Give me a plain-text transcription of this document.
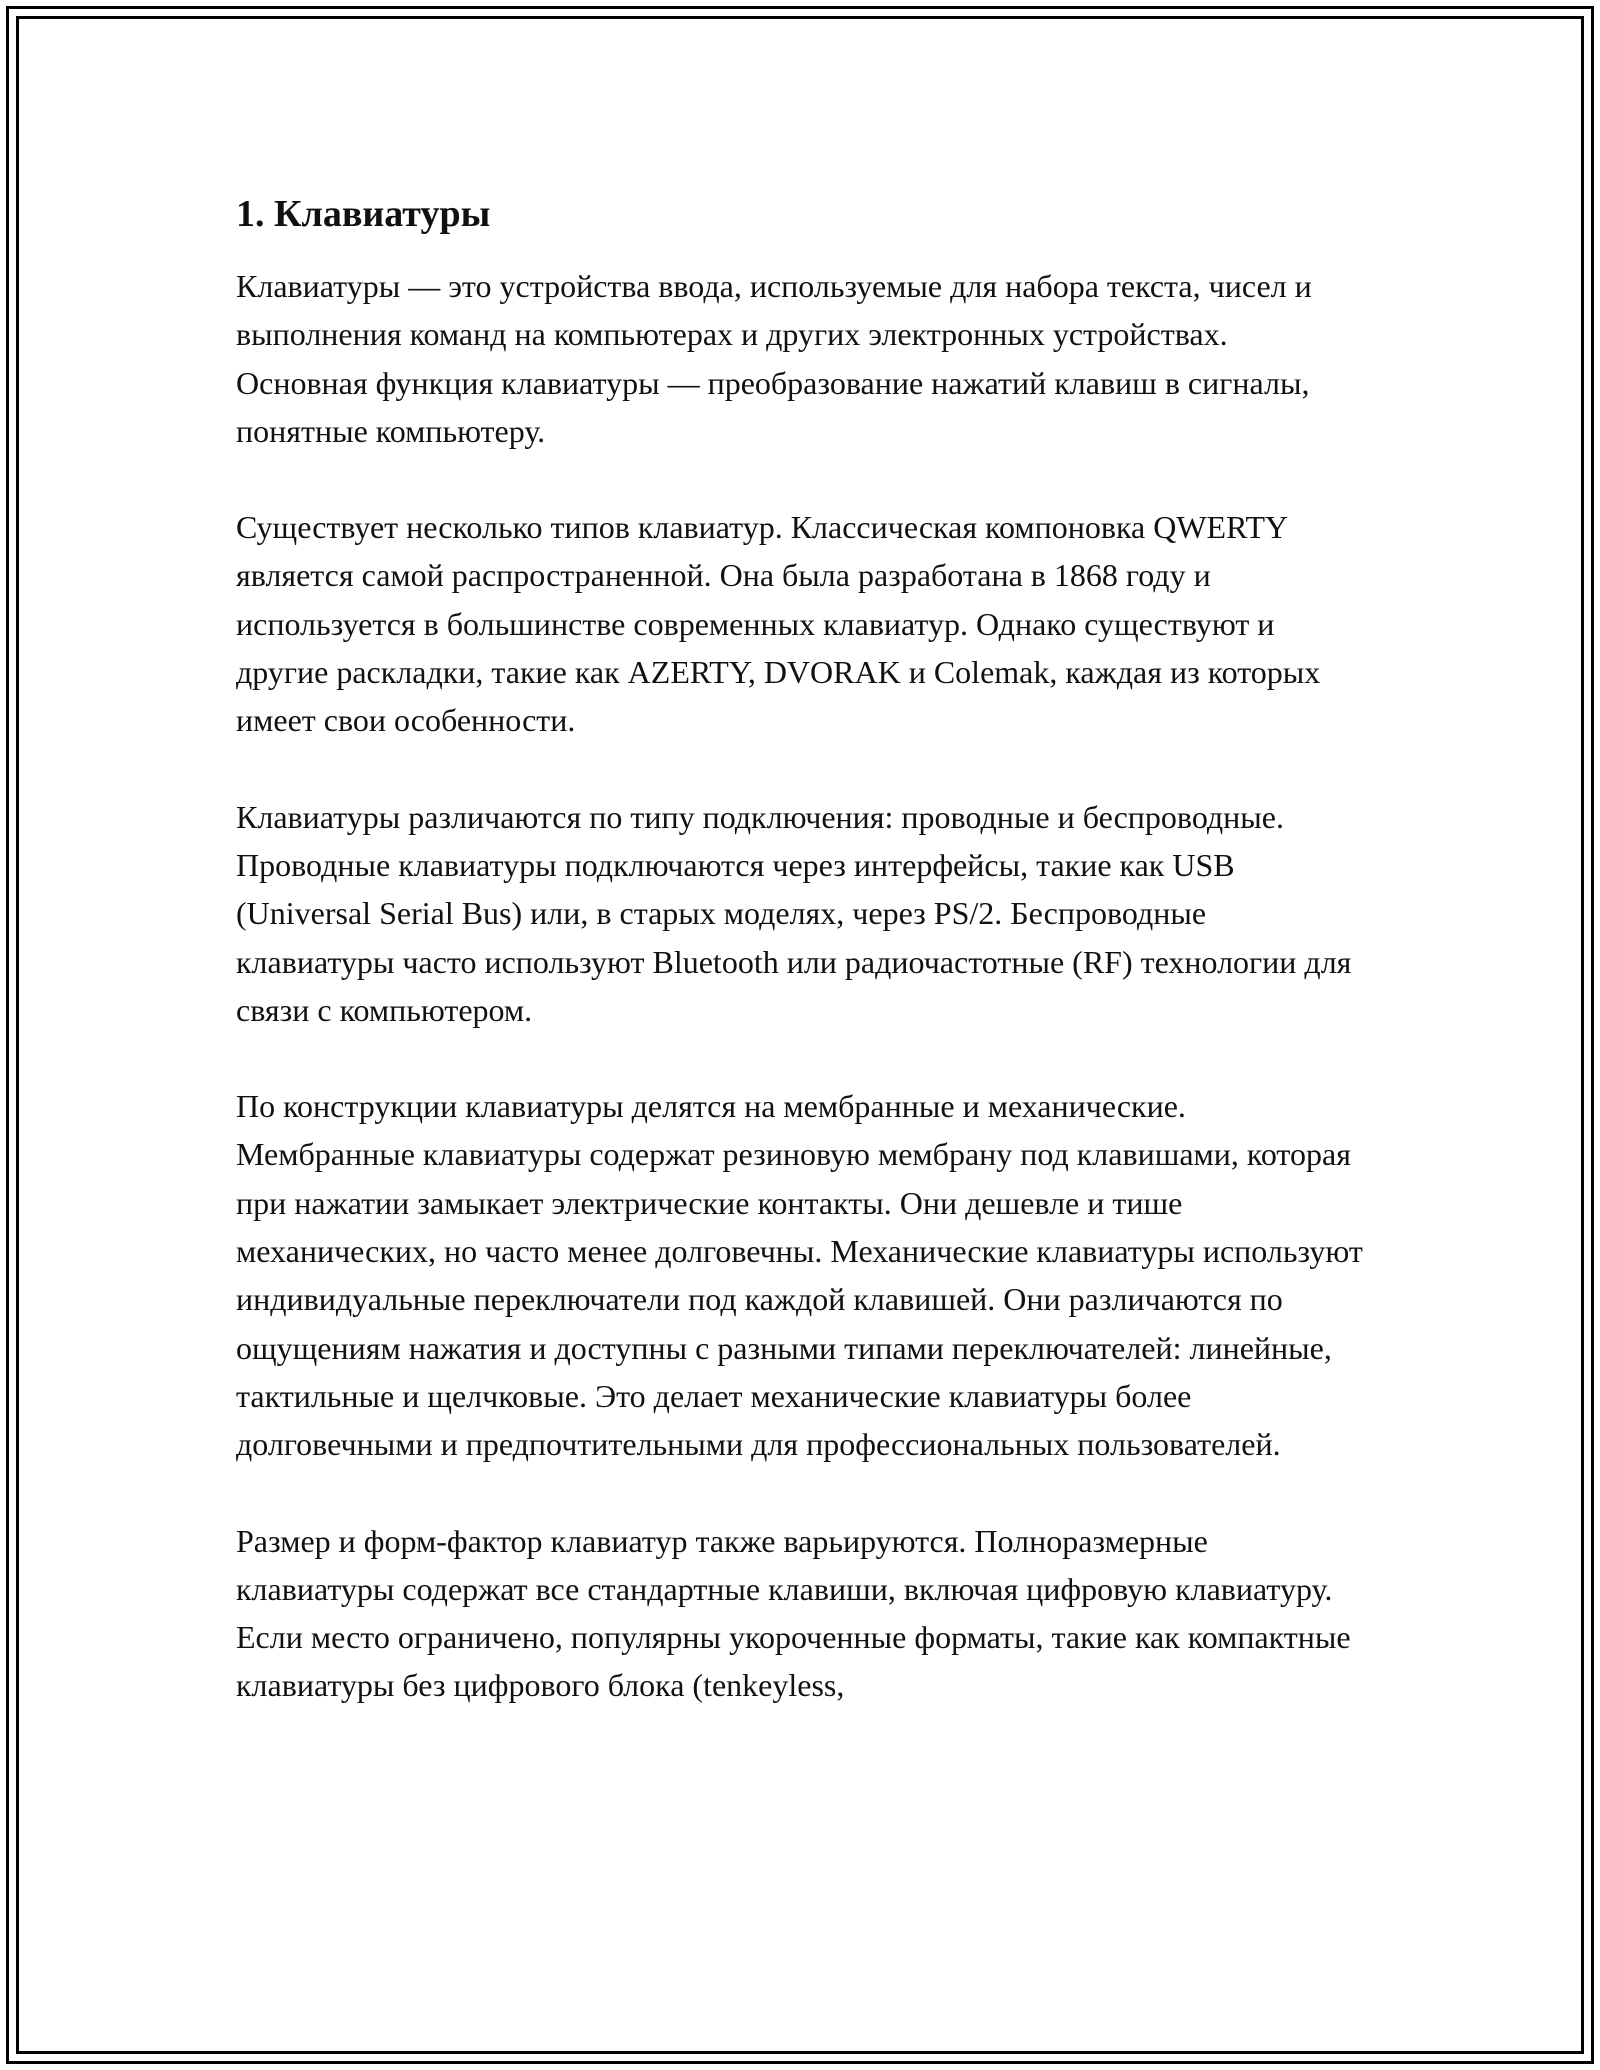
1. Клавиатуры

Клавиатуры — это устройства ввода, используемые для набора текста, чисел и выполнения команд на компьютерах и других электронных устройствах. Основная функция клавиатуры — преобразование нажатий клавиш в сигналы, понятные компьютеру.

Существует несколько типов клавиатур. Классическая компоновка QWERTY является самой распространенной. Она была разработана в 1868 году и используется в большинстве современных клавиатур. Однако существуют и другие раскладки, такие как AZERTY, DVORAK и Colemak, каждая из которых имеет свои особенности.

Клавиатуры различаются по типу подключения: проводные и беспроводные. Проводные клавиатуры подключаются через интерфейсы, такие как USB (Universal Serial Bus) или, в старых моделях, через PS/2. Беспроводные клавиатуры часто используют Bluetooth или радиочастотные (RF) технологии для связи с компьютером.

По конструкции клавиатуры делятся на мембранные и механические. Мембранные клавиатуры содержат резиновую мембрану под клавишами, которая при нажатии замыкает электрические контакты. Они дешевле и тише механических, но часто менее долговечны. Механические клавиатуры используют индивидуальные переключатели под каждой клавишей. Они различаются по ощущениям нажатия и доступны с разными типами переключателей: линейные, тактильные и щелчковые. Это делает механические клавиатуры более долговечными и предпочтительными для профессиональных пользователей.

Размер и форм-фактор клавиатур также варьируются. Полноразмерные клавиатуры содержат все стандартные клавиши, включая цифровую клавиатуру. Если место ограничено, популярны укороченные форматы, такие как компактные клавиатуры без цифрового блока (tenkeyless,
